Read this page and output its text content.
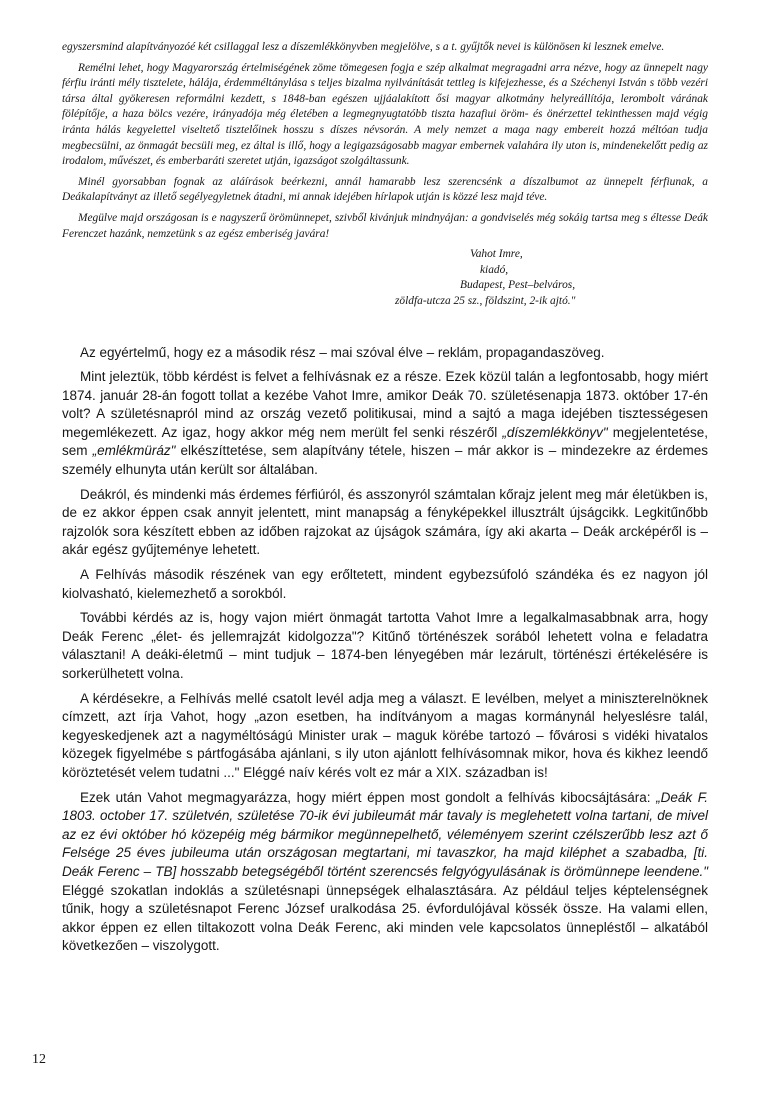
egyszersmind alapítványozóé két csillaggal lesz a díszemlékkönyvben megjelölve, s a t. gyűjtők nevei is különösen ki lesznek emelve.

Remélni lehet, hogy Magyarország értelmiségének zöme tömegesen fogja e szép alkalmat megragadni arra nézve, hogy az ünnepelt nagy férfiu iránti mély tisztelete, hálája, érdemméltánylása s teljes bizalma nyilvánítását tettleg is kifejezhesse, és a Széchenyi István s több vezéri társa által gyökeresen reformálni kezdett, s 1848-ban egészen ujjáalakított ősi magyar alkotmány helyreállítója, lerombolt várának fölépítője, a haza bölcs vezére, irányadója még életében a legmegnyugtatóbb tiszta hazafiui öröm- és önérzettel tekinthessen majd végig iránta hálás kegyelettel viseltető tisztelőinek hosszu s díszes névsorán. A mely nemzet a maga nagy embereit hozzá méltóan tudja megbecsülni, az önmagát becsüli meg, ez által is illő, hogy a legigazságosabb magyar embernek valahára ily uton is, mindenekelőtt pedig az irodalom, művészet, és emberbaráti szeretet utján, igazságot szolgáltassunk.

Minél gyorsabban fognak az aláírások beérkezni, annál hamarabb lesz szerencsénk a díszalbumot az ünnepelt férfiunak, a Deákalapítványt az illető segélyegyletnek átadni, mi annak idejében hírlapok utján is közzé lesz majd téve.

Megülve majd országosan is e nagyszerű örömünnepet, szivből kivánjuk mindnyájan: a gondviselés még sokáig tartsa meg s éltesse Deák Ferenczet hazánk, nemzetünk s az egész emberiség javára!

Vahot Imre,
kiadó,
Budapest, Pest–belváros,
zöldfa-utcza 25 sz., földszint, 2-ik ajtó."

Az egyértelmű, hogy ez a második rész – mai szóval élve – reklám, propagandaszöveg.

Mint jeleztük, több kérdést is felvet a felhívásnak ez a része. Ezek közül talán a legfontosabb, hogy miért 1874. január 28-án fogott tollat a kezébe Vahot Imre, amikor Deák 70. születésenapja 1873. október 17-én volt? A születésnapról mind az ország vezető politikusai, mind a sajtó a maga idejében tisztességesen megemlékezett. Az igaz, hogy akkor még nem merült fel senki részéről „díszemlékkönyv" megjelentetése, sem „emlékmüráz" elkészíttetése, sem alapítvány tétele, hiszen – már akkor is – mindezekre az érdemes személy elhunyta után került sor általában.

Deákról, és mindenki más érdemes férfiúról, és asszonyról számtalan kőrajz jelent meg már életükben is, de ez akkor éppen csak annyit jelentett, mint manapság a fényképekkel illusztrált újságcikk. Legkitűnőbb rajzolók sora készített ebben az időben rajzokat az újságok számára, így aki akarta – Deák arcképéről is – akár egész gyűjteménye lehetett.

A Felhívás második részének van egy erőltetett, mindent egybezsúfoló szándéka és ez nagyon jól kiolvasható, kielemezhető a sorokból.

További kérdés az is, hogy vajon miért önmagát tartotta Vahot Imre a legalkalmasabbnak arra, hogy Deák Ferenc „élet- és jellemrajzát kidolgozza"? Kitűnő történészek sorából lehetett volna e feladatra választani! A deáki-életmű – mint tudjuk – 1874-ben lényegében már lezárult, történészi értékelésére is sorkerülhetett volna.

A kérdésekre, a Felhívás mellé csatolt levél adja meg a választ. E levélben, melyet a miniszterelnöknek címzett, azt írja Vahot, hogy „azon esetben, ha indítványom a magas kormánynál helyeslésre talál, kegyeskedjenek azt a nagyméltóságú Minister urak – maguk körébe tartozó – fővárosi s vidéki hivatalos közegek figyelmébe s pártfogásába ajánlani, s ily uton ajánlott felhívásomnak mikor, hova és kikhez leendő köröztetését velem tudatni ..." Eléggé naív kérés volt ez már a XIX. században is!

Ezek után Vahot megmagyarázza, hogy miért éppen most gondolt a felhívás kibocsájtására: „Deák F. 1803. october 17. születvén, születése 70-ik évi jubileumát már tavaly is meglehetett volna tartani, de mivel az ez évi október hó közepéig még bármikor megünnepelhető, véleményem szerint czélszerűbb lesz azt ő Felsége 25 éves jubileuma után országosan megtartani, mi tavaszkor, ha majd kiléphet a szabadba, [ti. Deák Ferenc – TB] hosszabb betegségéből történt szerencsés felgyógyulásának is örömünnepe leendene." Eléggé szokatlan indoklás a születésnapi ünnepségek elhalasztására. Az például teljes képtelenségnek tűnik, hogy a születésnapot Ferenc József uralkodása 25. évfordulójával kössék össze. Ha valami ellen, akkor éppen ez ellen tiltakozott volna Deák Ferenc, aki minden vele kapcsolatos ünnepléstől – alkatából következően – viszolygott.

12
